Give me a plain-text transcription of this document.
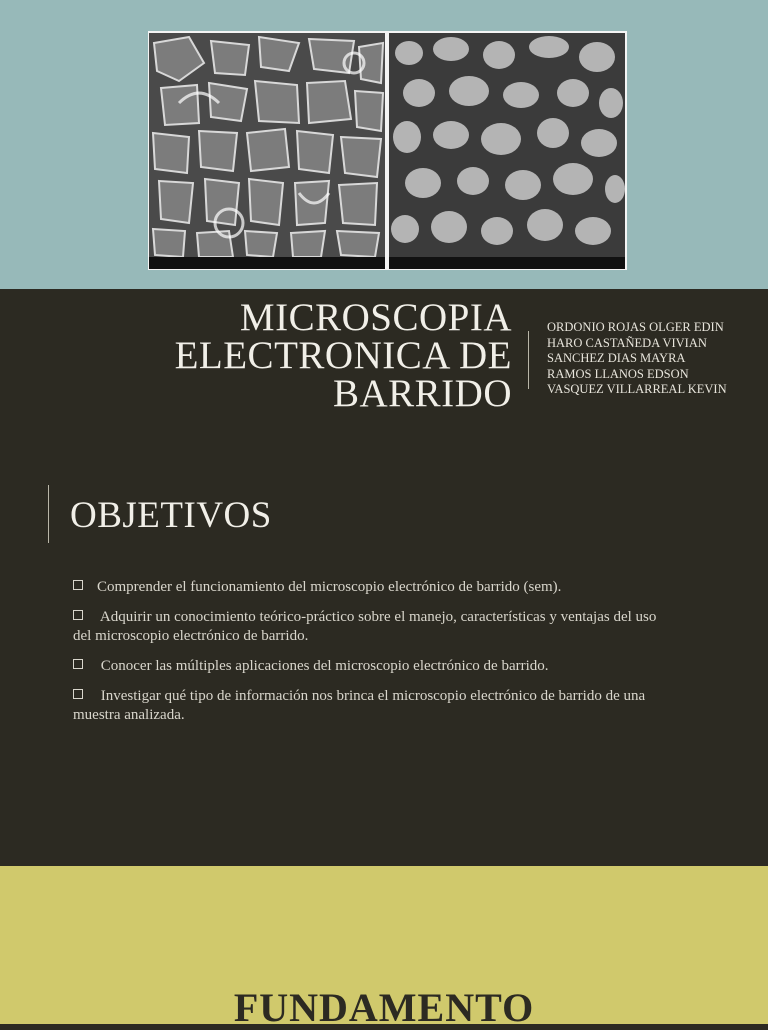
MICROSCOPIA
ELECTRONICA DE
BARRIDO
ORDONIO ROJAS OLGER EDIN
HARO CASTAÑEDA VIVIAN
SANCHEZ DIAS MAYRA
RAMOS LLANOS EDSON
VASQUEZ VILLARREAL KEVIN
OBJETIVOS
Comprender el funcionamiento del microscopio electrónico de barrido (sem).
Adquirir un conocimiento teórico-práctico sobre el manejo, características y ventajas del uso del microscopio electrónico de barrido.
Conocer las múltiples aplicaciones del microscopio electrónico de barrido.
Investigar qué tipo de información nos brinca el microscopio electrónico de barrido de una muestra analizada.
FUNDAMENTO
